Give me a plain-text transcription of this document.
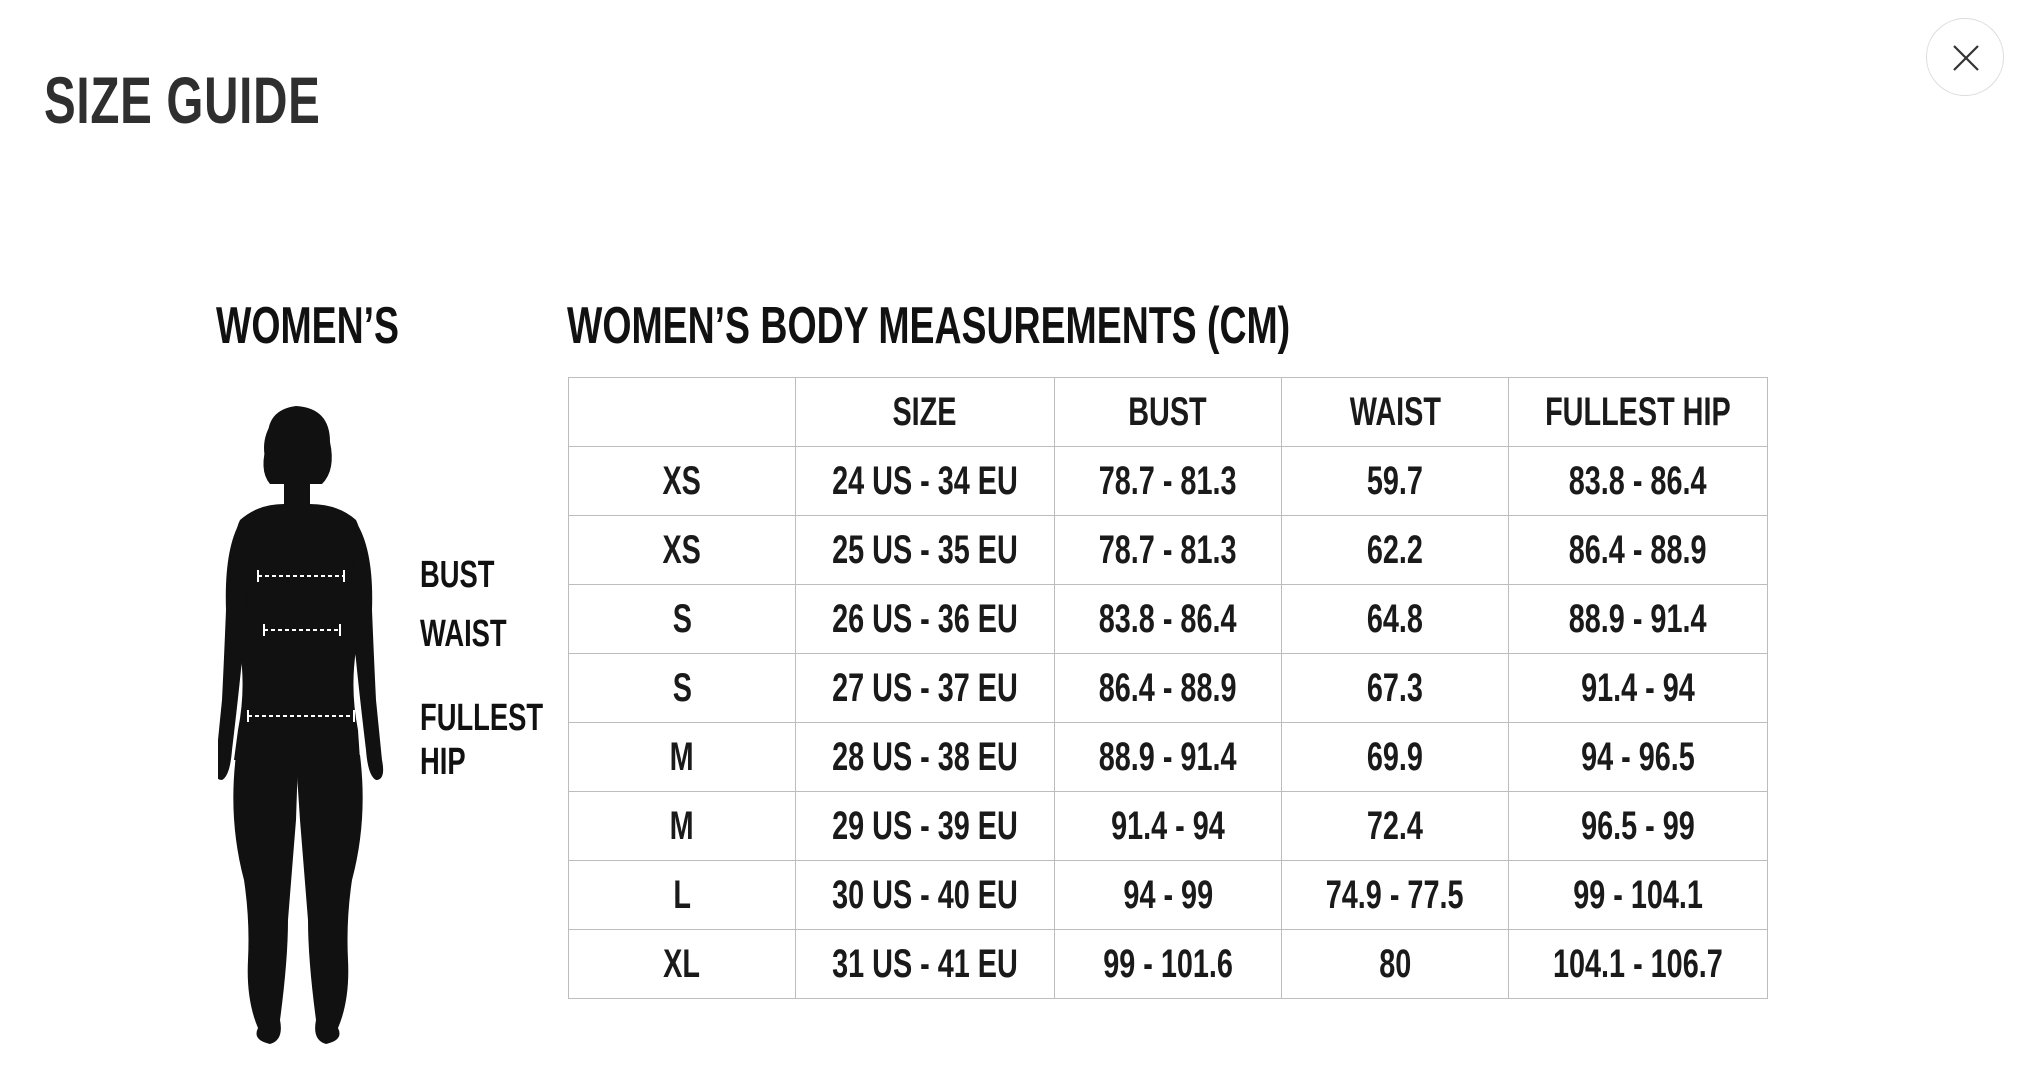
SIZE GUIDE
WOMEN’S
BUST
WAIST
FULLEST
HIP
WOMEN’S BODY MEASUREMENTS (CM)
	SIZE	BUST	WAIST	FULLEST HIP
XS	24 US - 34 EU	78.7 - 81.3	59.7	83.8 - 86.4
XS	25 US - 35 EU	78.7 - 81.3	62.2	86.4 - 88.9
S	26 US - 36 EU	83.8 - 86.4	64.8	88.9 - 91.4
S	27 US - 37 EU	86.4 - 88.9	67.3	91.4 - 94
M	28 US - 38 EU	88.9 - 91.4	69.9	94 - 96.5
M	29 US - 39 EU	91.4 - 94	72.4	96.5 - 99
L	30 US - 40 EU	94 - 99	74.9 - 77.5	99 - 104.1
XL	31 US - 41 EU	99 - 101.6	80	104.1 - 106.7
